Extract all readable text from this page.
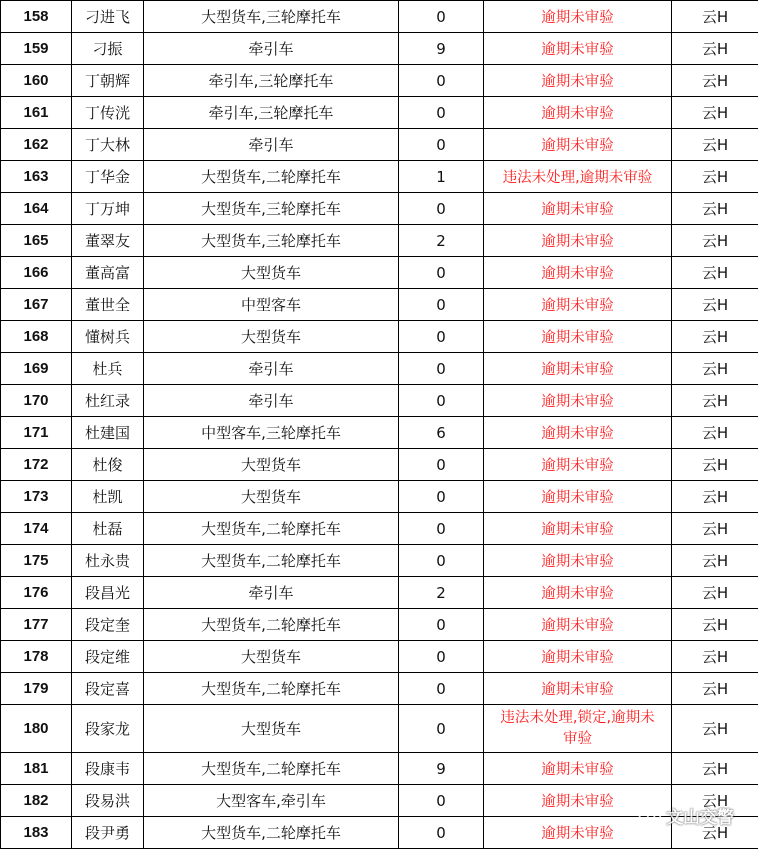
158	刁进飞	大型货车,三轮摩托车	0	逾期未审验	云H
159	刁振	牵引车	9	逾期未审验	云H
160	丁朝辉	牵引车,三轮摩托车	0	逾期未审验	云H
161	丁传洸	牵引车,三轮摩托车	0	逾期未审验	云H
162	丁大林	牵引车	0	逾期未审验	云H
163	丁华金	大型货车,二轮摩托车	1	违法未处理,逾期未审验	云H
164	丁万坤	大型货车,三轮摩托车	0	逾期未审验	云H
165	董翠友	大型货车,三轮摩托车	2	逾期未审验	云H
166	董高富	大型货车	0	逾期未审验	云H
167	董世全	中型客车	0	逾期未审验	云H
168	懂树兵	大型货车	0	逾期未审验	云H
169	杜兵	牵引车	0	逾期未审验	云H
170	杜红录	牵引车	0	逾期未审验	云H
171	杜建国	中型客车,三轮摩托车	6	逾期未审验	云H
172	杜俊	大型货车	0	逾期未审验	云H
173	杜凯	大型货车	0	逾期未审验	云H
174	杜磊	大型货车,二轮摩托车	0	逾期未审验	云H
175	杜永贵	大型货车,二轮摩托车	0	逾期未审验	云H
176	段昌光	牵引车	2	逾期未审验	云H
177	段定奎	大型货车,二轮摩托车	0	逾期未审验	云H
178	段定维	大型货车	0	逾期未审验	云H
179	段定喜	大型货车,二轮摩托车	0	逾期未审验	云H
180	段家龙	大型货车	0	违法未处理,锁定,逾期未审验	云H
181	段康韦	大型货车,二轮摩托车	9	逾期未审验	云H
182	段易洪	大型客车,牵引车	0	逾期未审验	云H
183	段尹勇	大型货车,二轮摩托车	0	逾期未审验	云H
文山交警
